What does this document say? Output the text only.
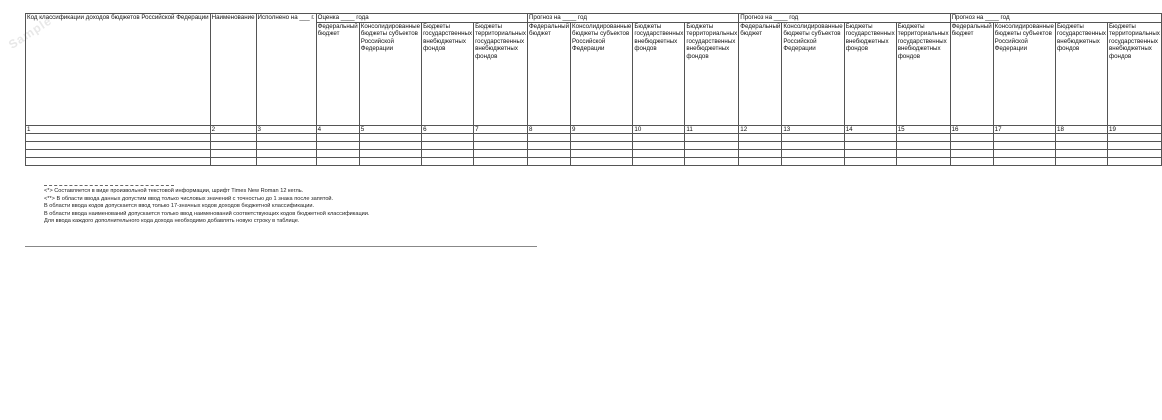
Sample
Код классификации доходов бюджетов Российской Федерации	Наименование	Исполнено на ___ г.	Оценка ____ года				Прогноз на ____ год				Прогноз на ____ год				Прогноз на ____ год			
			Федеральный бюджет	Консолидированные бюджеты субъектов Российской Федерации	Бюджеты государственных внебюджетных фондов	Бюджеты территориальных государственных внебюджетных фондов	Федеральный бюджет	Консолидированные бюджеты субъектов Российской Федерации	Бюджеты государственных внебюджетных фондов	Бюджеты территориальных государственных внебюджетных фондов	Федеральный бюджет	Консолидированные бюджеты субъектов Российской Федерации	Бюджеты государственных внебюджетных фондов	Бюджеты территориальных государственных внебюджетных фондов	Федеральный бюджет	Консолидированные бюджеты субъектов Российской Федерации	Бюджеты государственных внебюджетных фондов	Бюджеты территориальных государственных внебюджетных фондов
1	2	3	4	5	6	7	8	9	10	11	12	13	14	15	16	17	18	19

<*> Составляется в виде произвольной текстовой информации, шрифт Times New Roman 12 кегль.
<**> В области ввода данных допустим ввод только числовых значений с точностью до 1 знака после запятой.
В области ввода кодов допускается ввод только 17-значных кодов доходов бюджетной классификации.
В области ввода наименований допускается только ввод наименований соответствующих кодов бюджетной классификации.
Для ввода каждого дополнительного кода дохода необходимо добавлять новую строку в таблице.
